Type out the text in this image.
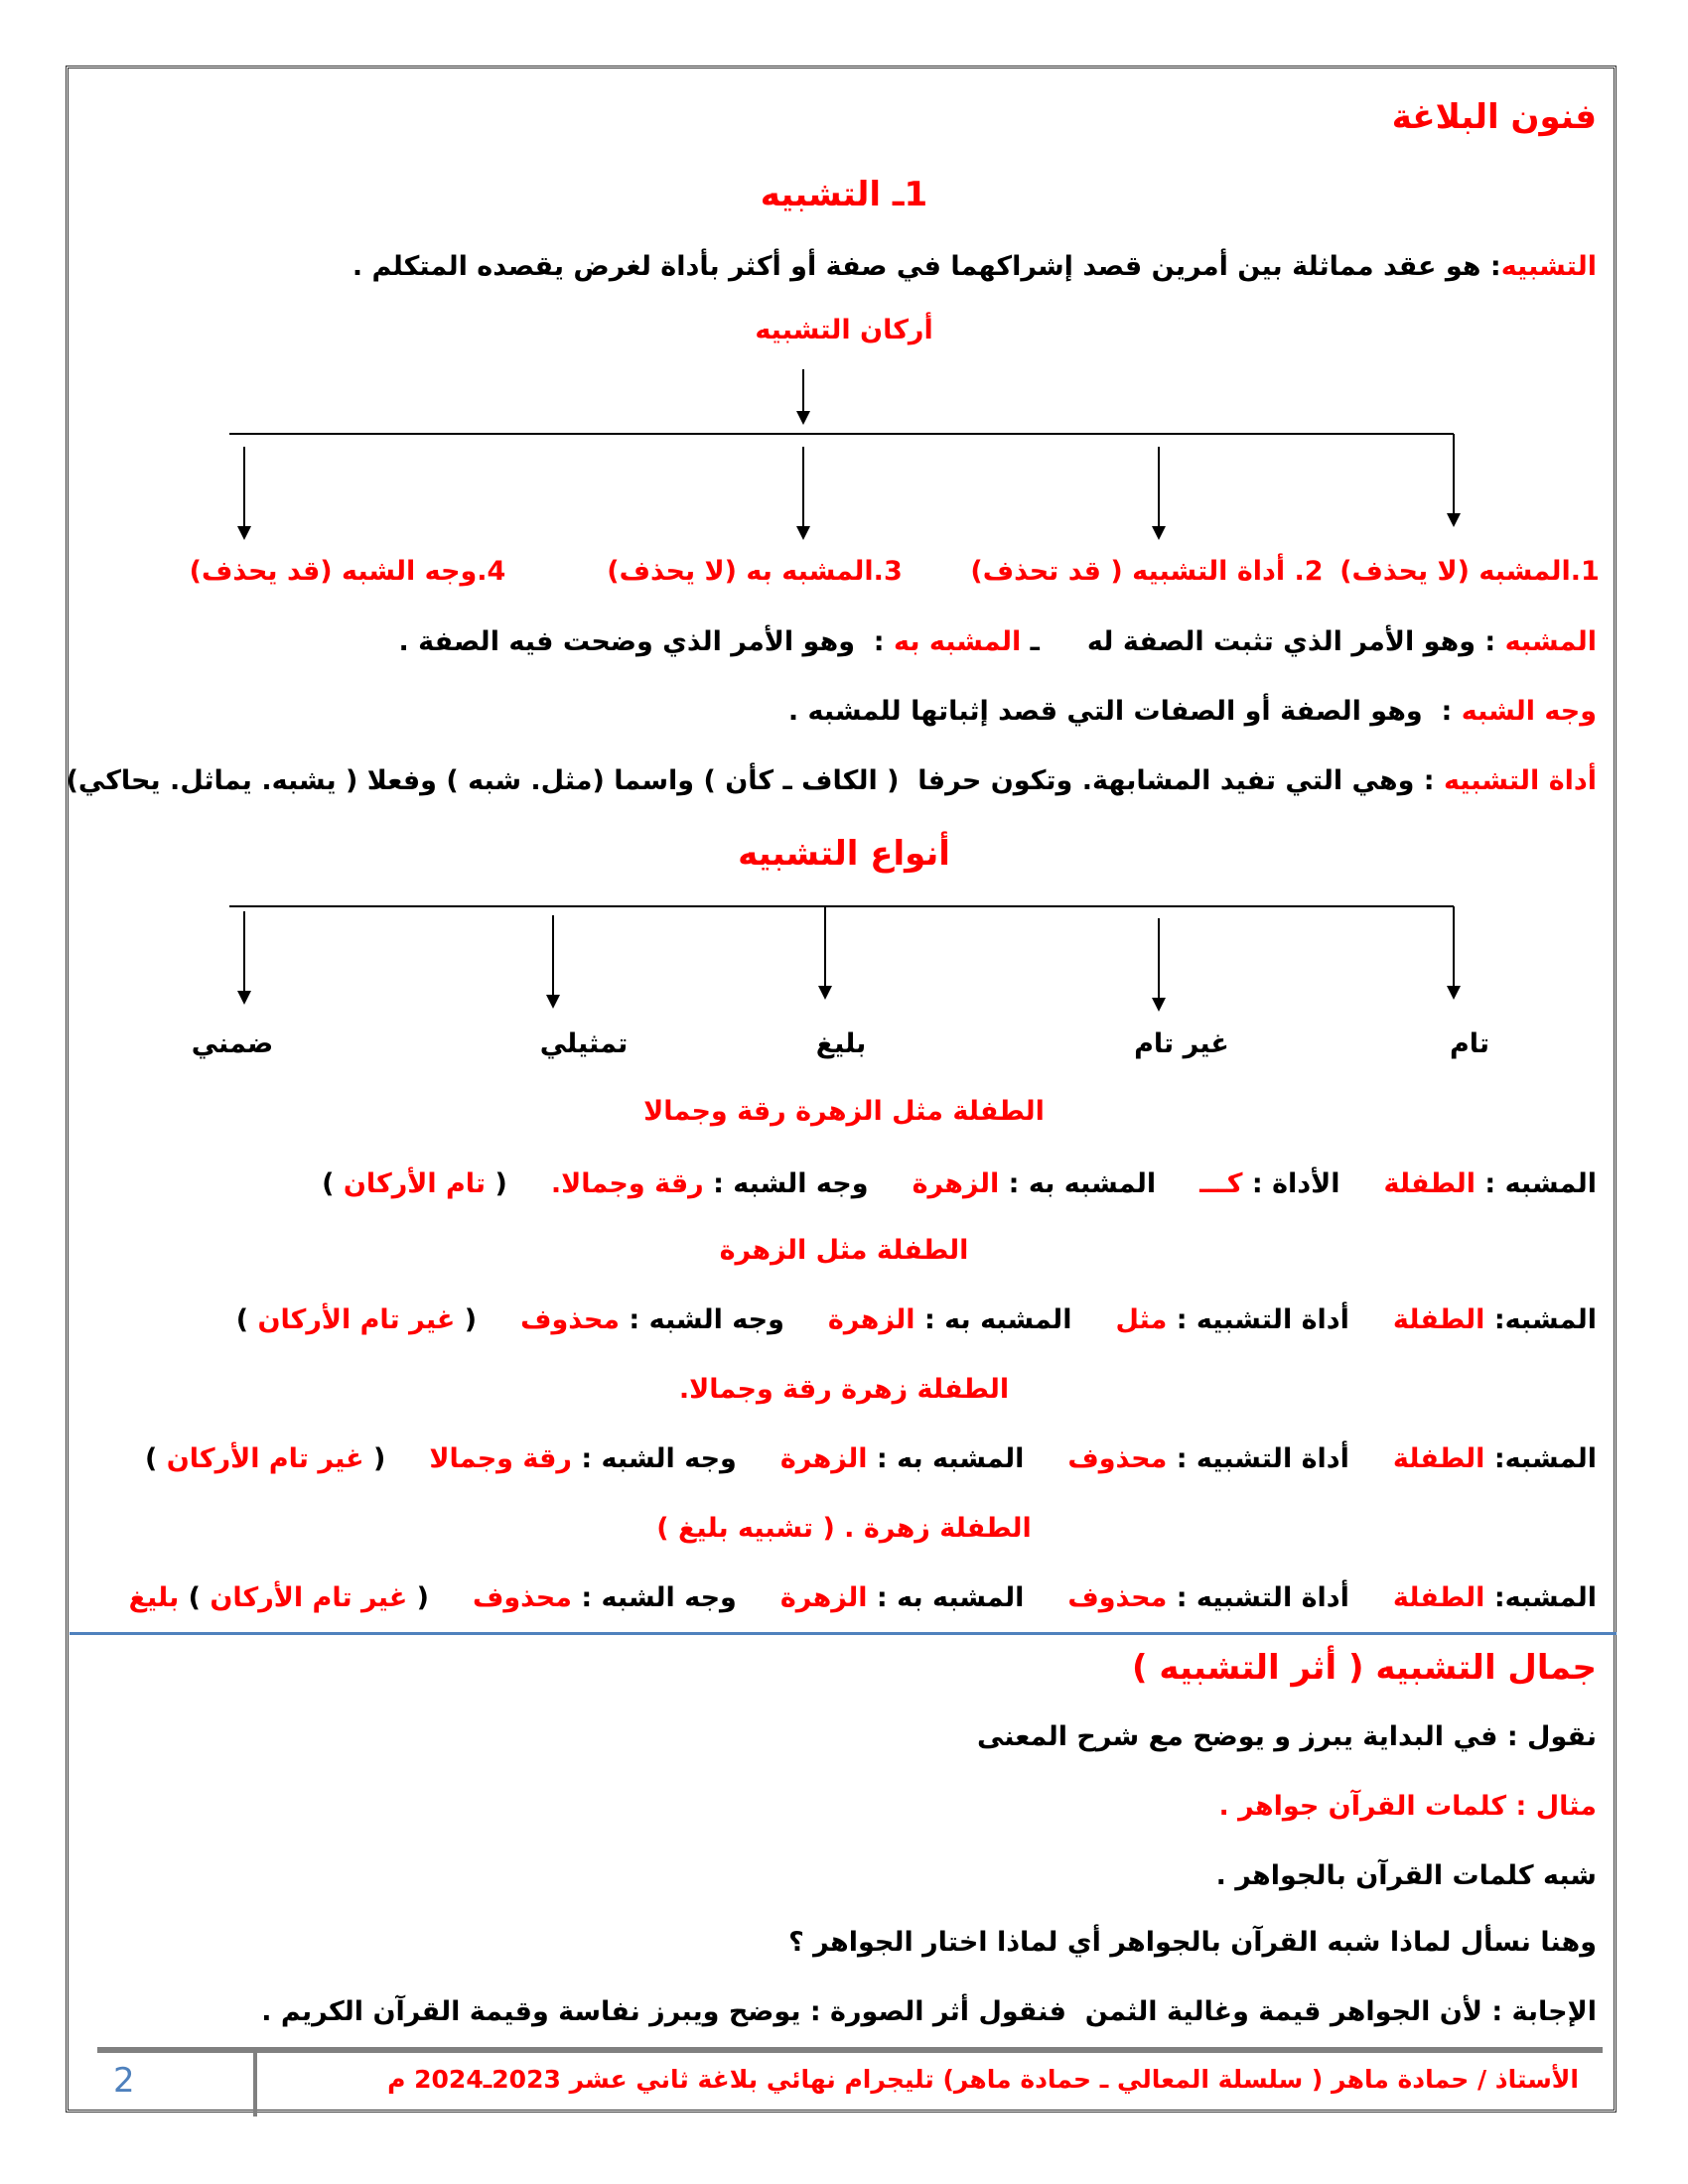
فنون البلاغة
1ـ التشبيه
التشبيه
: هو عقد مماثلة بين أمرين قصد إشراكهما في صفة أو أكثر بأداة لغرض يقصده المتكلم .
أركان التشبيه
1.المشبه (لا يحذف)
2. أداة التشبيه ( قد تحذف)
3.المشبه به (لا يحذف)
4.وجه الشبه (قد يحذف)
المشبه : وهو الأمر الذي تثبت الصفة له
ـ المشبه به :  وهو الأمر الذي وضحت فيه الصفة .
وجه الشبه :  وهو الصفة أو الصفات التي قصد إثباتها للمشبه .
أداة التشبيه : وهي التي تفيد المشابهة. وتكون حرفا  ( الكاف ـ كأن ) واسما (مثل. شبه ) وفعلا ( يشبه. يماثل. يحاكي)
أنواع التشبيه
تام
غير تام
بليغ
تمثيلي
ضمني
الطفلة مثل الزهرة رقة وجمالا
المشبه : الطفلة
الأداة : كـــ
المشبه به : الزهرة
وجه الشبه : رقة وجمالا.
( تام الأركان )
الطفلة مثل الزهرة
المشبه: الطفلة
أداة التشبيه : مثل
المشبه به : الزهرة
وجه الشبه : محذوف
( غير تام الأركان )
الطفلة زهرة رقة وجمالا.
المشبه: الطفلة
أداة التشبيه : محذوف
المشبه به : الزهرة
وجه الشبه : رقة وجمالا
( غير تام الأركان )
الطفلة زهرة . ( تشبيه بليغ )
المشبه: الطفلة
أداة التشبيه : محذوف
المشبه به : الزهرة
وجه الشبه : محذوف
( غير تام الأركان ) بليغ
جمال التشبيه ( أثر التشبيه )
نقول : في البداية يبرز و يوضح مع شرح المعنى
مثال : كلمات القرآن جواهر .
شبه كلمات القرآن بالجواهر .
وهنا نسأل لماذا شبه القرآن بالجواهر أي لماذا اختار الجواهر ؟
الإجابة : لأن الجواهر قيمة وغالية الثمن  فنقول أثر الصورة : يوضح ويبرز نفاسة وقيمة القرآن الكريم .
الأستاذ / حمادة ماهر ( سلسلة المعالي ـ حمادة ماهر) تليجرام نهائي بلاغة ثاني عشر 2023ـ2024 م
2
